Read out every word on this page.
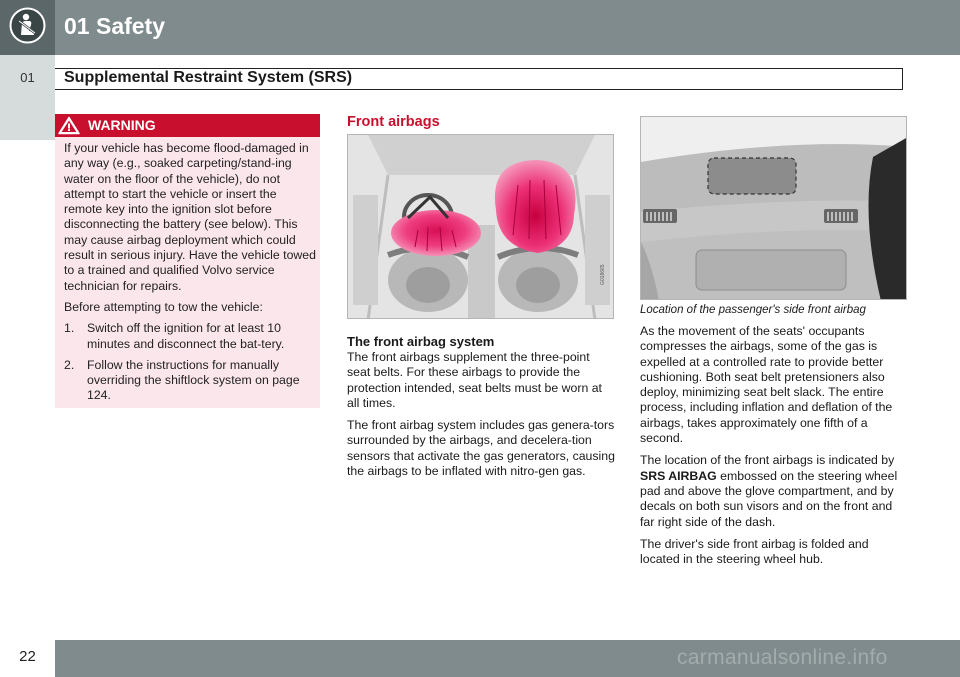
01 Safety
01	Supplemental Restraint System (SRS)
WARNING

If your vehicle has become flood-damaged in any way (e.g., soaked carpeting/stand-ing water on the floor of the vehicle), do not attempt to start the vehicle or insert the remote key into the ignition slot before disconnecting the battery (see below). This may cause airbag deployment which could result in serious injury. Have the vehicle towed to a trained and qualified Volvo service technician for repairs.

Before attempting to tow the vehicle:

1. Switch off the ignition for at least 10 minutes and disconnect the bat-tery.
2. Follow the instructions for manually overriding the shiftlock system on page 124.
Front airbags
G018665
The front airbag system

The front airbags supplement the three-point seat belts. For these airbags to provide the protection intended, seat belts must be worn at all times.

The front airbag system includes gas genera-tors surrounded by the airbags, and decelera-tion sensors that activate the gas generators, causing the airbags to be inflated with nitro-gen gas.

Location of the passenger's side front airbag

As the movement of the seats' occupants compresses the airbags, some of the gas is expelled at a controlled rate to provide better cushioning. Both seat belt pretensioners also deploy, minimizing seat belt slack. The entire process, including inflation and deflation of the airbags, takes approximately one fifth of a second.

The location of the front airbags is indicated by SRS AIRBAG embossed on the steering wheel pad and above the glove compartment, and by decals on both sun visors and on the front and far right side of the dash.

The driver's side front airbag is folded and located in the steering wheel hub.

22	carmanualsonline.info
